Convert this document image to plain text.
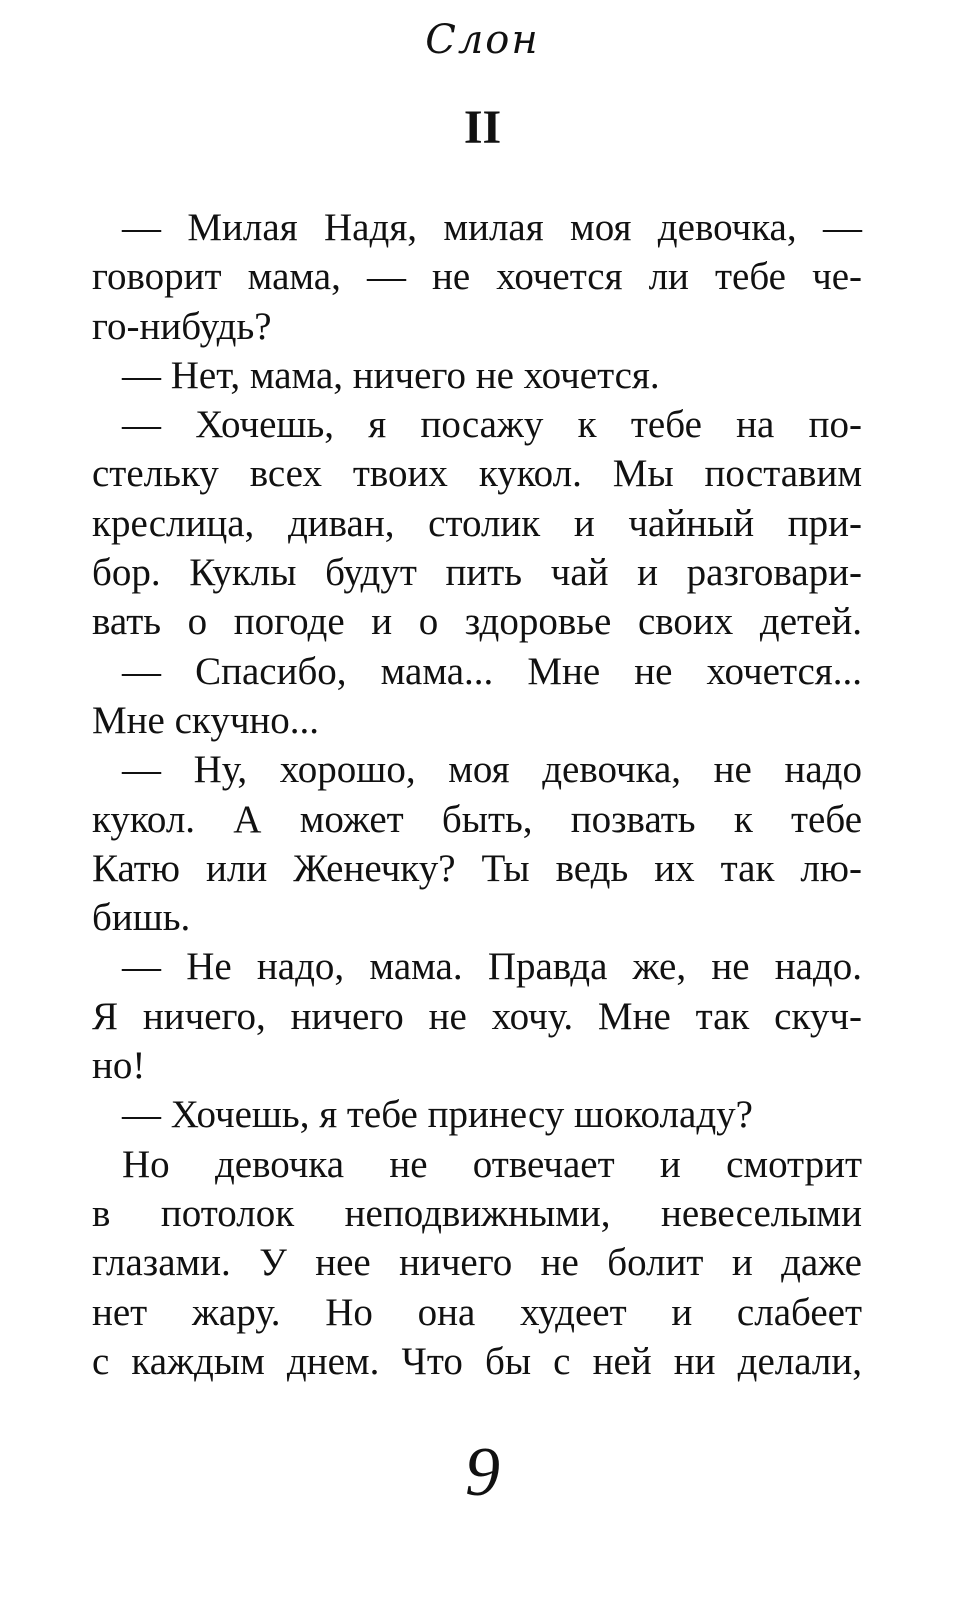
Слон
II
— Милая Надя, милая моя девочка, —
говорит мама, — не хочется ли тебе че-
го-нибудь?
— Нет, мама, ничего не хочется.
— Хочешь, я посажу к тебе на по-
стельку всех твоих кукол. Мы поставим
креслица, диван, столик и чайный при-
бор. Куклы будут пить чай и разговари-
вать о погоде и о здоровье своих детей.
— Спасибо, мама... Мне не хочется...
Мне скучно...
— Ну, хорошо, моя девочка, не надо
кукол. А может быть, позвать к тебе
Катю или Женечку? Ты ведь их так лю-
бишь.
— Не надо, мама. Правда же, не надо.
Я ничего, ничего не хочу. Мне так скуч-
но!
— Хочешь, я тебе принесу шоколаду?
Но девочка не отвечает и смотрит
в потолок неподвижными, невеселыми
глазами. У нее ничего не болит и даже
нет жару. Но она худеет и слабеет
с каждым днем. Что бы с ней ни делали,
9
